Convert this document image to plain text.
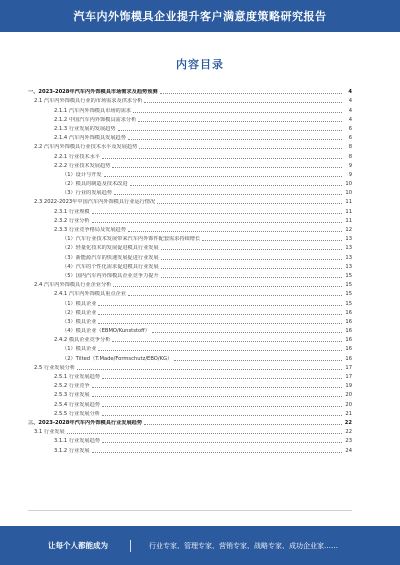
汽车内外饰模具企业提升客户满意度策略研究报告
内容目录
一、2023-2028年汽车内外饰模具市场需求及趋势预测	4
2.1 汽车内外饰模具行业的市场需求及供求分析	4
2.1.1 汽车内外饰模具市场的需求	4
2.1.2 中国汽车内外饰模具需求分析	4
2.1.3 行业发展的发展趋势	6
2.1.4 汽车内外饰模具发展趋势	6
2.2 汽车内外饰模具行业技术水平及发展趋势	8
2.2.1 行业技术水平	8
2.2.2 行业技术发展趋势	9
（1）设计与开发	9
（2）模具的制造及技术改进	10
（3）行业的发展趋势	10
2.3 2022-2023年中国汽车内外饰模具行业运行情况	11
2.3.1 行业规模	11
2.3.2 行业分析	11
2.3.3 行业竞争格局及发展趋势	12
（1）汽车行业技术发展带来汽车内外饰件配套需求持续增长	13
（2）轻量化技术的发展促进模具行业发展	13
（3）新能源汽车的快速发展促进行业发展	13
（4）汽车的个性化需求促进模具行业发展	13
（5）国内汽车内外饰模具企业竞争力提升	15
2.4 汽车内外饰模具行业企业分析	15
2.4.1 汽车内外饰模具重点企业	15
（1）模具企业	15
（2）模具企业	16
（3）模具企业	16
（4）模具企业（EBMO/Kunststoff）	16
2.4.2 模具企业竞争分析	16
（1）模具企业	16
（2）Tilted（T.Made/Formschutz/EBO/KG）	16
2.5 行业发展分析	17
2.5.1 行业发展趋势	17
2.5.2 行业竞争	19
2.5.3 行业发展	20
2.5.4 行业发展趋势	20
2.5.5 行业发展分析	21
三、2023-2028年汽车内外饰模具行业发展趋势	22
3.1 行业发展	22
3.1.1 行业发展趋势	23
3.1.2 行业发展	24
让每个人都能成为	行业专家、管理专家、营销专家、战略专家、成功企业家……
